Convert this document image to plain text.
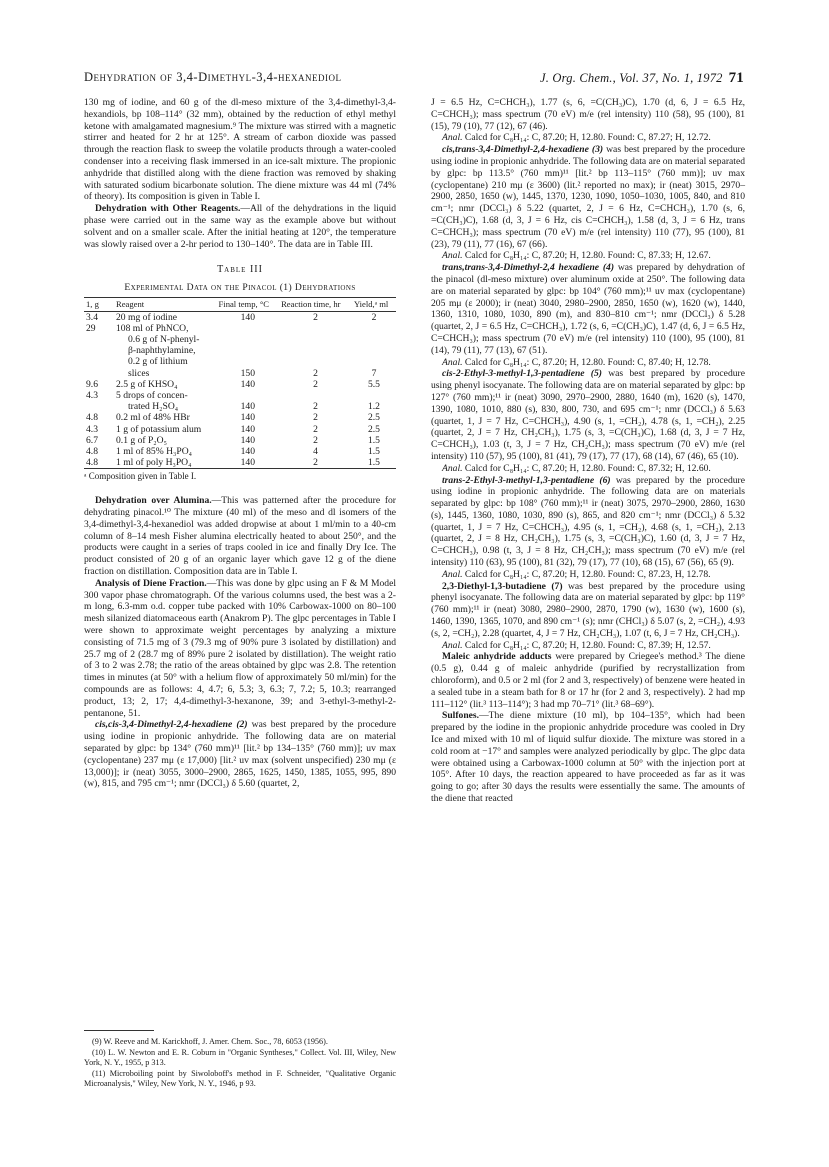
Dehydration of 3,4-Dimethyl-3,4-hexanediol	J. Org. Chem., Vol. 37, No. 1, 1972 71

130 mg of iodine, and 60 g of the dl-meso mixture of the 3,4-dimethyl-3,4-hexandiols, bp 108–114° (32 mm), obtained by the reduction of ethyl methyl ketone with amalgamated magnesium.⁹ The mixture was stirred with a magnetic stirrer and heated for 2 hr at 125°. A stream of carbon dioxide was passed through the reaction flask to sweep the volatile products through a water-cooled condenser into a receiving flask immersed in an ice-salt mixture. The propionic anhydride that distilled along with the diene fraction was removed by shaking with saturated sodium bicarbonate solution. The diene mixture was 44 ml (74% of theory). Its composition is given in Table I.

Dehydration with Other Reagents.—All of the dehydrations in the liquid phase were carried out in the same way as the example above but without solvent and on a smaller scale. After the initial heating at 120°, the temperature was slowly raised over a 2-hr period to 130–140°. The data are in Table III.

Table III
Experimental Data on the Pinacol (1) Dehydrations
1, g	Reagent	Final temp, °C	Reaction time, hr	Yield,ᵃ ml
3.4	20 mg of iodine	140	2	2
29	108 ml of PhNCO,			
	0.6 g of N-phenyl-			
	β-naphthylamine,			
	0.2 g of lithium			
	slices	150	2	7
9.6	2.5 g of KHSO₄	140	2	5.5
4.3	5 drops of concen-			
	trated H₂SO₄	140	2	1.2
4.8	0.2 ml of 48% HBr	140	2	2.5
4.3	1 g of potassium alum	140	2	2.5
6.7	0.1 g of P₂O₅	140	2	1.5
4.8	1 ml of 85% H₃PO₄	140	4	1.5
4.8	1 ml of poly H₃PO₄	140	2	1.5
ᵃ Composition given in Table I.

Dehydration over Alumina.—This was patterned after the procedure for dehydrating pinacol.¹⁰ The mixture (40 ml) of the meso and dl isomers of the 3,4-dimethyl-3,4-hexanediol was added dropwise at about 1 ml/min to a 40-cm column of 8–14 mesh Fisher alumina electrically heated to about 250°, and the products were caught in a series of traps cooled in ice and finally Dry Ice. The product consisted of 20 g of an organic layer which gave 12 g of the diene fraction on distillation. Composition data are in Table I.

Analysis of Diene Fraction.—This was done by glpc using an F & M Model 300 vapor phase chromatograph. Of the various columns used, the best was a 2-m long, 6.3-mm o.d. copper tube packed with 10% Carbowax-1000 on 80–100 mesh silanized diatomaceous earth (Anakrom P). The glpc percentages in Table I were shown to approximate weight percentages by analyzing a mixture consisting of 71.5 mg of 3 (79.3 mg of 90% pure 3 isolated by distillation) and 25.7 mg of 2 (28.7 mg of 89% pure 2 isolated by distillation). The weight ratio of 3 to 2 was 2.78; the ratio of the areas obtained by glpc was 2.8. The retention times in minutes (at 50° with a helium flow of approximately 50 ml/min) for the compounds are as follows: 4, 4.7; 6, 5.3; 3, 6.3; 7, 7.2; 5, 10.3; rearranged product, 13; 2, 17; 4,4-dimethyl-3-hexanone, 39; and 3-ethyl-3-methyl-2-pentanone, 51.

cis,cis-3,4-Dimethyl-2,4-hexadiene (2) was best prepared by the procedure using iodine in propionic anhydride. The following data are on material separated by glpc: bp 134° (760 mm)¹¹ [lit.² bp 134–135° (760 mm)]; uv max (cyclopentane) 237 mμ (ε 17,000) [lit.² uv max (solvent unspecified) 230 mμ (ε 13,000)]; ir (neat) 3055, 3000–2900, 2865, 1625, 1450, 1385, 1055, 995, 890 (w), 815, and 795 cm⁻¹; nmr (DCCl₃) δ 5.60 (quartet, 2,

(9) W. Reeve and M. Karickhoff, J. Amer. Chem. Soc., 78, 6053 (1956).

(10) L. W. Newton and E. R. Coburn in "Organic Syntheses," Collect. Vol. III, Wiley, New York, N. Y., 1955, p 313.

(11) Microboiling point by Siwoloboff's method in F. Schneider, "Qualitative Organic Microanalysis," Wiley, New York, N. Y., 1946, p 93.

J = 6.5 Hz, C=CHCH₃), 1.77 (s, 6, =C(CH₃)C), 1.70 (d, 6, J = 6.5 Hz, C=CHCH₃); mass spectrum (70 eV) m/e (rel intensity) 110 (58), 95 (100), 81 (15), 79 (10), 77 (12), 67 (46).

Anal. Calcd for C₈H₁₄: C, 87.20; H, 12.80. Found: C, 87.27; H, 12.72.

cis,trans-3,4-Dimethyl-2,4-hexadiene (3) was best prepared by the procedure using iodine in propionic anhydride. The following data are on material separated by glpc: bp 113.5° (760 mm)¹¹ [lit.² bp 113–115° (760 mm)]; uv max (cyclopentane) 210 mμ (ε 3600) (lit.² reported no max); ir (neat) 3015, 2970–2900, 2850, 1650 (w), 1445, 1370, 1230, 1090, 1050–1030, 1005, 840, and 810 cm⁻¹; nmr (DCCl₃) δ 5.22 (quartet, 2, J = 6 Hz, C=CHCH₃), 1.70 (s, 6, =C(CH₃)C), 1.68 (d, 3, J = 6 Hz, cis C=CHCH₃), 1.58 (d, 3, J = 6 Hz, trans C=CHCH₃); mass spectrum (70 eV) m/e (rel intensity) 110 (77), 95 (100), 81 (23), 79 (11), 77 (16), 67 (66).

Anal. Calcd for C₈H₁₄: C, 87.20; H, 12.80. Found: C, 87.33; H, 12.67.

trans,trans-3,4-Dimethyl-2,4 hexadiene (4) was prepared by dehydration of the pinacol (dl-meso mixture) over aluminum oxide at 250°. The following data are on material separated by glpc: bp 104° (760 mm);¹¹ uv max (cyclopentane) 205 mμ (ε 2000); ir (neat) 3040, 2980–2900, 2850, 1650 (w), 1620 (w), 1440, 1360, 1310, 1080, 1030, 890 (m), and 830–810 cm⁻¹; nmr (DCCl₃) δ 5.28 (quartet, 2, J = 6.5 Hz, C=CHCH₃), 1.72 (s, 6, =C(CH₃)C), 1.47 (d, 6, J = 6.5 Hz, C=CHCH₃); mass spectrum (70 eV) m/e (rel intensity) 110 (100), 95 (100), 81 (14), 79 (11), 77 (13), 67 (51).

Anal. Calcd for C₈H₁₄: C, 87.20; H, 12.80. Found: C, 87.40; H, 12.78.

cis-2-Ethyl-3-methyl-1,3-pentadiene (5) was best prepared by procedure using phenyl isocyanate. The following data are on material separated by glpc: bp 127° (760 mm);¹¹ ir (neat) 3090, 2970–2900, 2880, 1640 (m), 1620 (s), 1470, 1390, 1080, 1010, 880 (s), 830, 800, 730, and 695 cm⁻¹; nmr (DCCl₃) δ 5.63 (quartet, 1, J = 7 Hz, C=CHCH₃), 4.90 (s, 1, =CH₂), 4.78 (s, 1, =CH₂), 2.25 (quartet, 2, J = 7 Hz, CH₂CH₃), 1.75 (s, 3, =C(CH₃)C), 1.68 (d, 3, J = 7 Hz, C=CHCH₃), 1.03 (t, 3, J = 7 Hz, CH₂CH₃); mass spectrum (70 eV) m/e (rel intensity) 110 (57), 95 (100), 81 (41), 79 (17), 77 (17), 68 (14), 67 (46), 65 (10).

Anal. Calcd for C₈H₁₄: C, 87.20; H, 12.80. Found: C, 87.32; H, 12.60.

trans-2-Ethyl-3-methyl-1,3-pentadiene (6) was prepared by the procedure using iodine in propionic anhydride. The following data are on materials separated by glpc: bp 108° (760 mm);¹¹ ir (neat) 3075, 2970–2900, 2860, 1630 (s), 1445, 1360, 1080, 1030, 890 (s), 865, and 820 cm⁻¹; nmr (DCCl₃) δ 5.32 (quartet, 1, J = 7 Hz, C=CHCH₃), 4.95 (s, 1, =CH₂), 4.68 (s, 1, =CH₂), 2.13 (quartet, 2, J = 8 Hz, CH₂CH₃), 1.75 (s, 3, =C(CH₃)C), 1.60 (d, 3, J = 7 Hz, C=CHCH₃), 0.98 (t, 3, J = 8 Hz, CH₂CH₃); mass spectrum (70 eV) m/e (rel intensity) 110 (63), 95 (100), 81 (32), 79 (17), 77 (10), 68 (15), 67 (56), 65 (9).

Anal. Calcd for C₈H₁₄: C, 87.20; H, 12.80. Found: C, 87.23, H, 12.78.

2,3-Diethyl-1,3-butadiene (7) was best prepared by the procedure using phenyl isocyanate. The following data are on material separated by glpc: bp 119° (760 mm);¹¹ ir (neat) 3080, 2980–2900, 2870, 1790 (w), 1630 (w), 1600 (s), 1460, 1390, 1365, 1070, and 890 cm⁻¹ (s); nmr (CHCl₃) δ 5.07 (s, 2, =CH₂), 4.93 (s, 2, =CH₂), 2.28 (quartet, 4, J = 7 Hz, CH₂CH₃), 1.07 (t, 6, J = 7 Hz, CH₂CH₃).

Anal. Calcd for C₈H₁₄: C, 87.20; H, 12.80. Found: C, 87.39; H, 12.57.

Maleic anhydride adducts were prepared by Criegee's method.³ The diene (0.5 g), 0.44 g of maleic anhydride (purified by recrystallization from chloroform), and 0.5 or 2 ml (for 2 and 3, respectively) of benzene were heated in a sealed tube in a steam bath for 8 or 17 hr (for 2 and 3, respectively). 2 had mp 111–112° (lit.³ 113–114°); 3 had mp 70–71° (lit.³ 68–69°).

Sulfones.—The diene mixture (10 ml), bp 104–135°, which had been prepared by the iodine in the propionic anhydride procedure was cooled in Dry Ice and mixed with 10 ml of liquid sulfur dioxide. The mixture was stored in a cold room at −17° and samples were analyzed periodically by glpc. The glpc data were obtained using a Carbowax-1000 column at 50° with the injection port at 105°. After 10 days, the reaction appeared to have proceeded as far as it was going to go; after 30 days the results were essentially the same. The amounts of the diene that reacted
